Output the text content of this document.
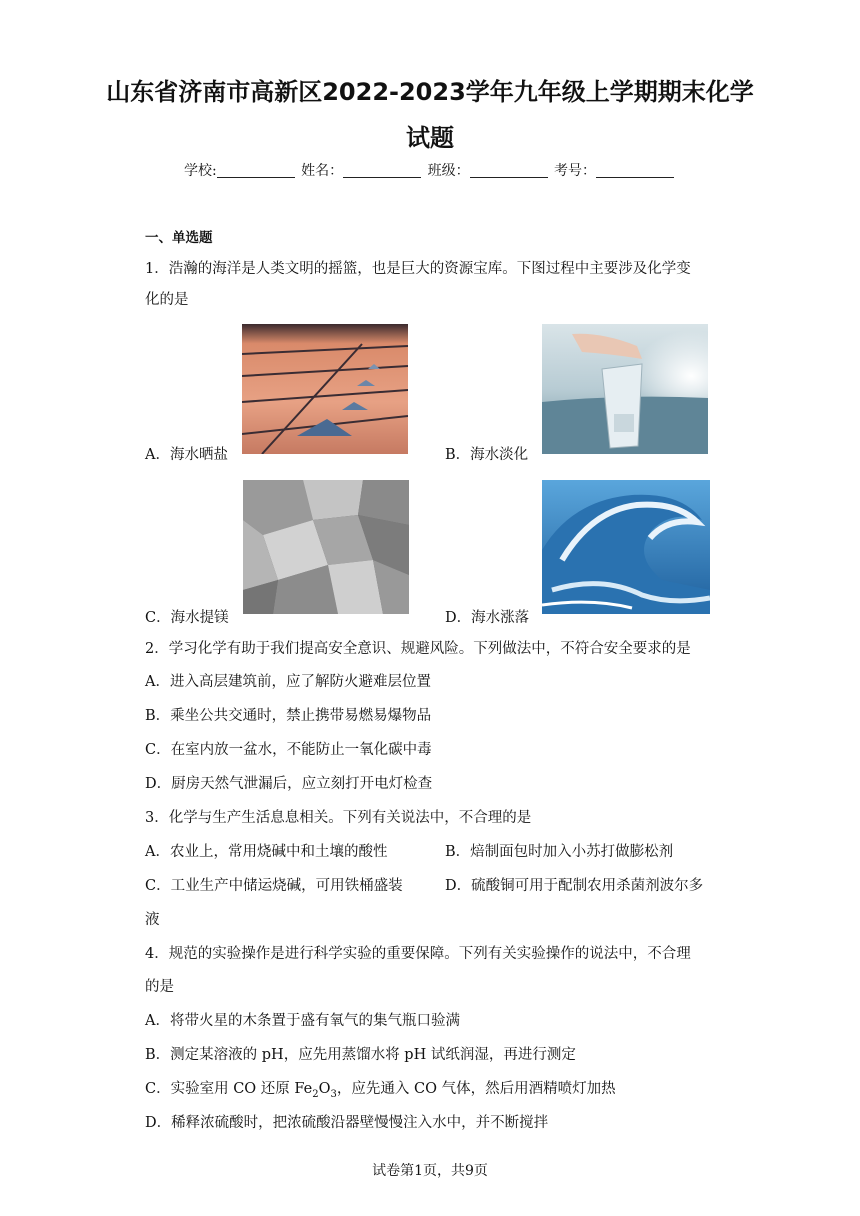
山东省济南市高新区2022-2023学年九年级上学期期末化学
试题
学校:	姓名：	班级：	考号：
一、单选题
1．浩瀚的海洋是人类文明的摇篮，也是巨大的资源宝库。下图过程中主要涉及化学变
化的是
A．海水晒盐	B．海水淡化
C．海水提镁	D．海水涨落
2．学习化学有助于我们提高安全意识、规避风险。下列做法中，不符合安全要求的是
A．进入高层建筑前，应了解防火避难层位置
B．乘坐公共交通时，禁止携带易燃易爆物品
C．在室内放一盆水，不能防止一氧化碳中毒
D．厨房天然气泄漏后，应立刻打开电灯检查
3．化学与生产生活息息相关。下列有关说法中，不合理的是
A．农业上，常用烧碱中和土壤的酸性	B．焙制面包时加入小苏打做膨松剂
C．工业生产中储运烧碱，可用铁桶盛装	D．硫酸铜可用于配制农用杀菌剂波尔多
液
4．规范的实验操作是进行科学实验的重要保障。下列有关实验操作的说法中，不合理
的是
A．将带火星的木条置于盛有氧气的集气瓶口验满
B．测定某溶液的 pH，应先用蒸馏水将 pH 试纸润湿，再进行测定
C．实验室用 CO 还原 $Fe_2O_3$，应先通入 CO 气体，然后用酒精喷灯加热
D．稀释浓硫酸时，把浓硫酸沿器壁慢慢注入水中，并不断搅拌
试卷第1页，共9页
